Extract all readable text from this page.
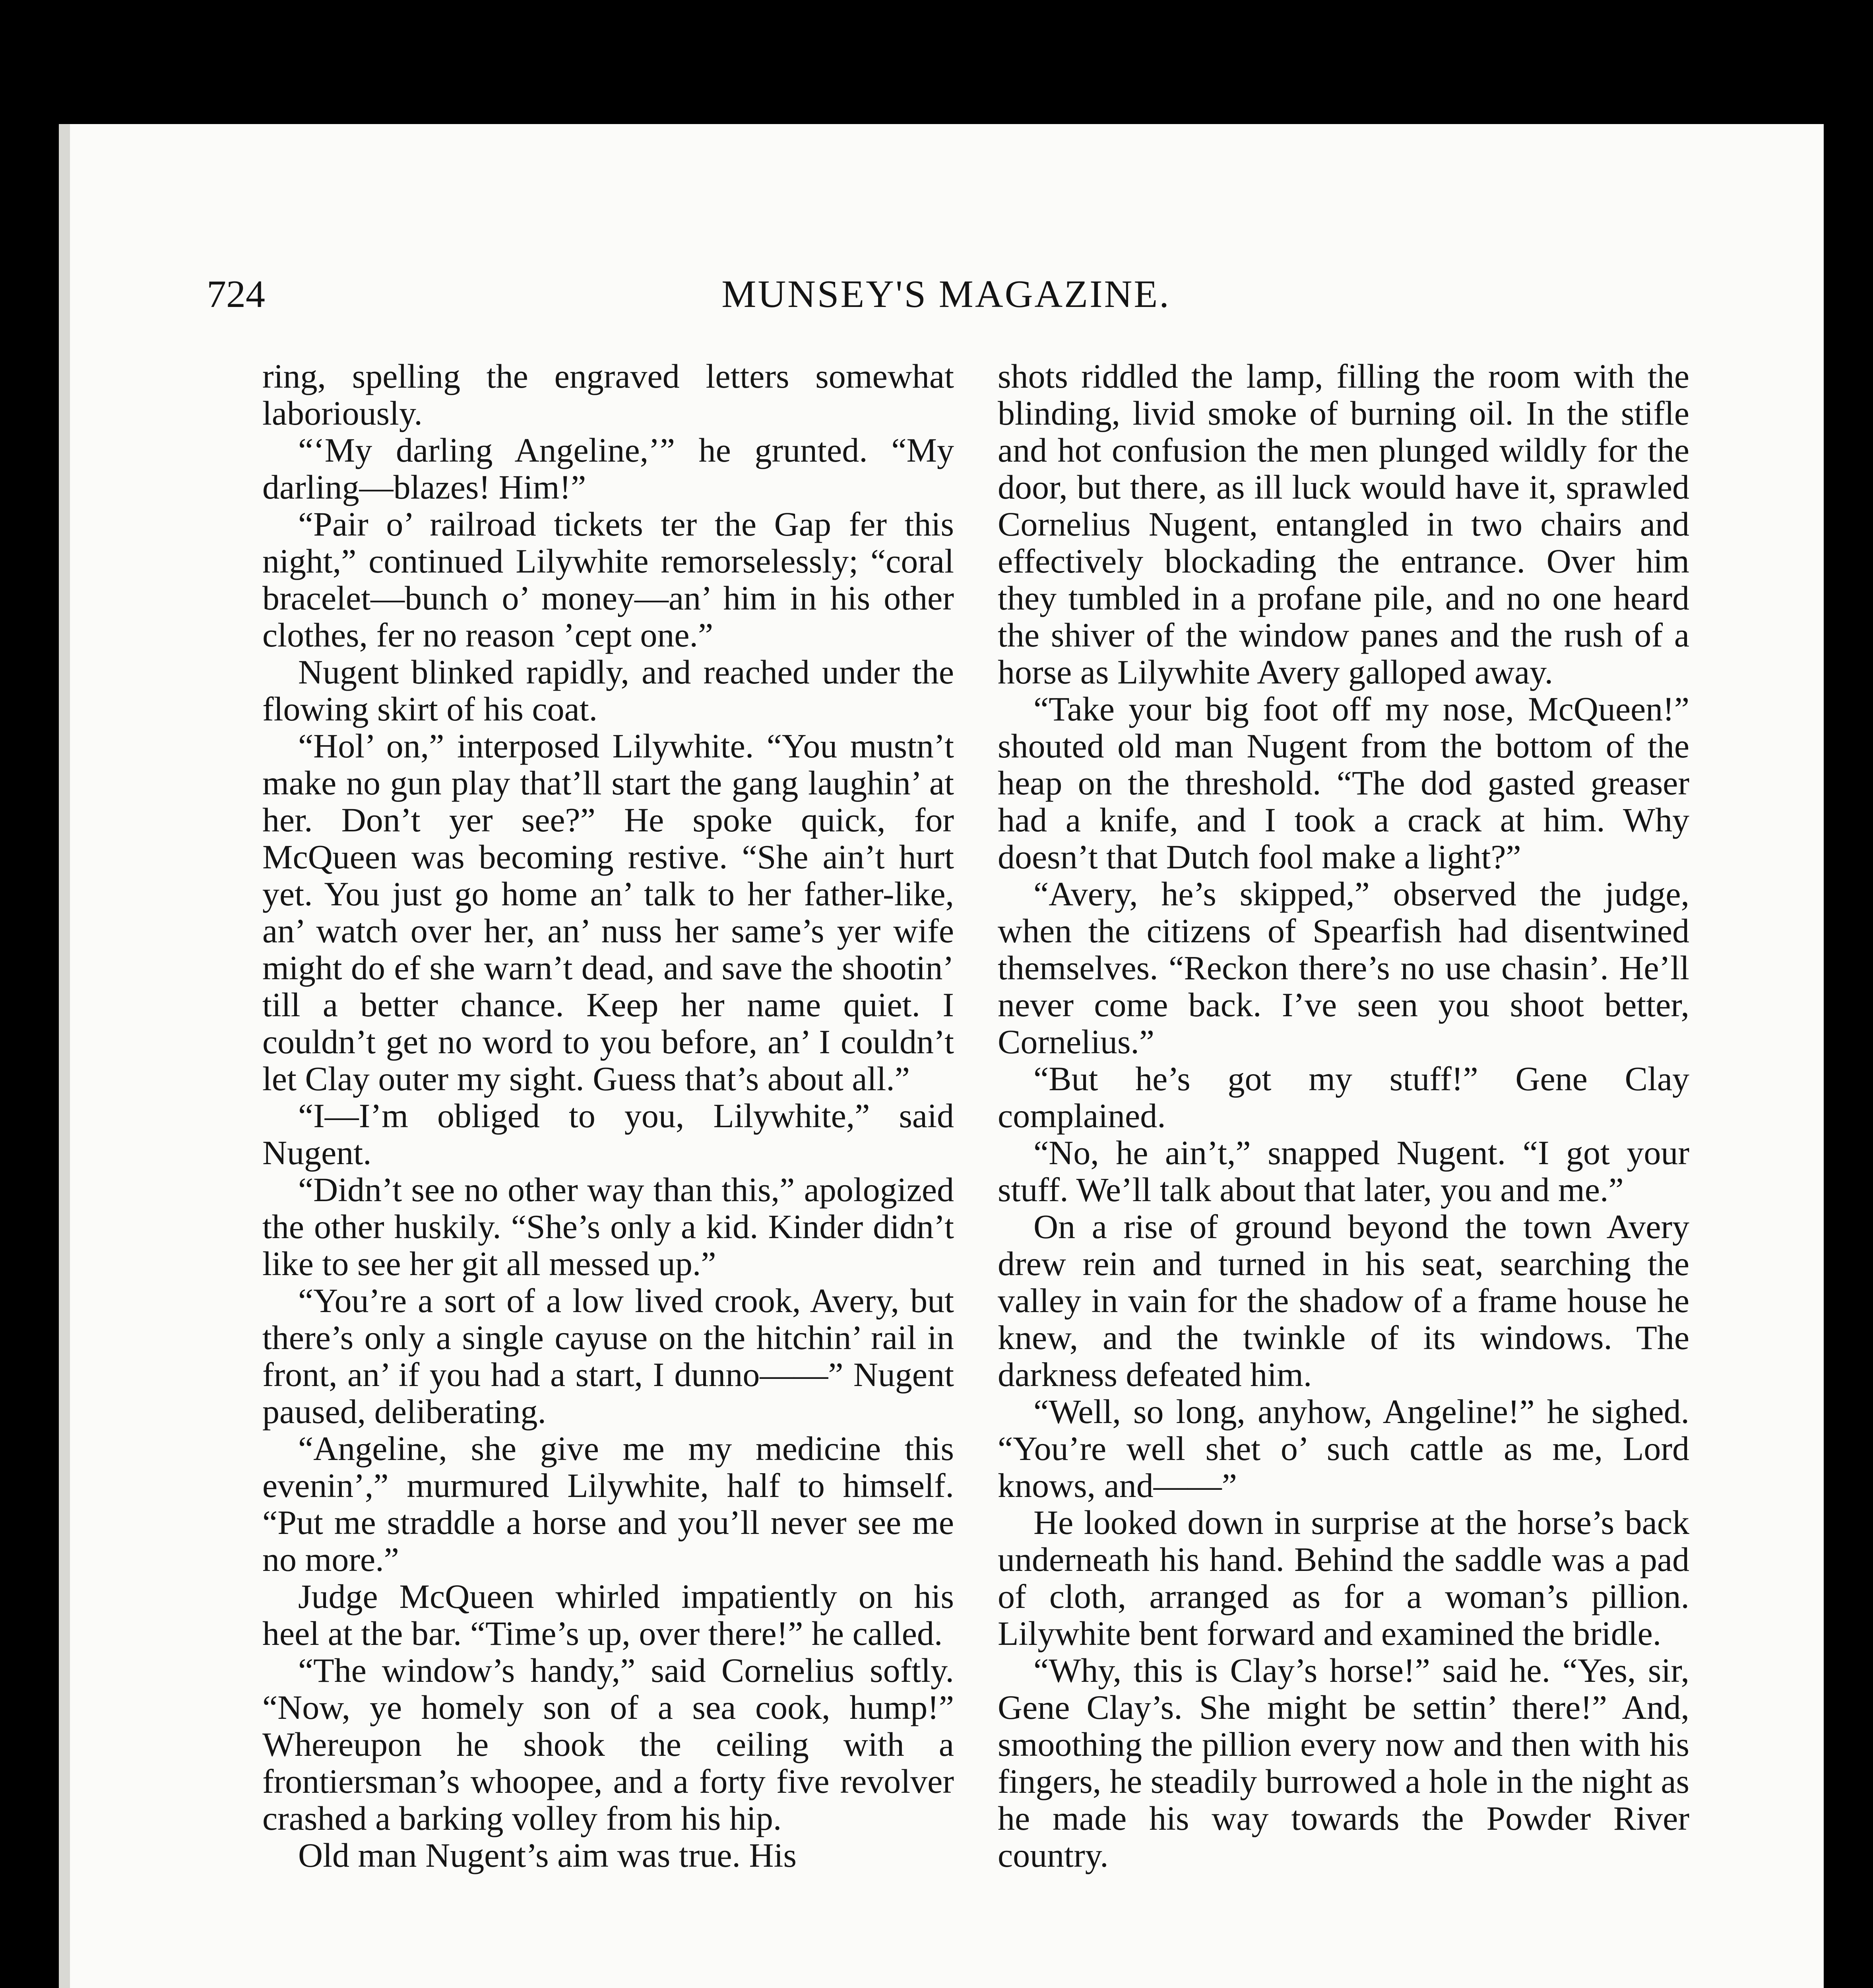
724	MUNSEY'S MAGAZINE.

ring, spelling the engraved letters somewhat laboriously.

“‘My darling Angeline,’” he grunted. “My darling—blazes! Him!”

“Pair o’ railroad tickets ter the Gap fer this night,” continued Lilywhite remorselessly; “coral bracelet—bunch o’ money—an’ him in his other clothes, fer no reason ’cept one.”

Nugent blinked rapidly, and reached under the flowing skirt of his coat.

“Hol’ on,” interposed Lilywhite. “You mustn’t make no gun play that’ll start the gang laughin’ at her. Don’t yer see?” He spoke quick, for McQueen was becoming restive. “She ain’t hurt yet. You just go home an’ talk to her father-like, an’ watch over her, an’ nuss her same’s yer wife might do ef she warn’t dead, and save the shootin’ till a better chance. Keep her name quiet. I couldn’t get no word to you before, an’ I couldn’t let Clay outer my sight. Guess that’s about all.”

“I—I’m obliged to you, Lilywhite,” said Nugent.

“Didn’t see no other way than this,” apologized the other huskily. “She’s only a kid. Kinder didn’t like to see her git all messed up.”

“You’re a sort of a low lived crook, Avery, but there’s only a single cayuse on the hitchin’ rail in front, an’ if you had a start, I dunno——” Nugent paused, deliberating.

“Angeline, she give me my medicine this evenin’,” murmured Lilywhite, half to himself. “Put me straddle a horse and you’ll never see me no more.”

Judge McQueen whirled impatiently on his heel at the bar. “Time’s up, over there!” he called.

“The window’s handy,” said Cornelius softly. “Now, ye homely son of a sea cook, hump!” Whereupon he shook the ceiling with a frontiersman’s whoopee, and a forty five revolver crashed a barking volley from his hip.

Old man Nugent’s aim was true. His

shots riddled the lamp, filling the room with the blinding, livid smoke of burning oil. In the stifle and hot confusion the men plunged wildly for the door, but there, as ill luck would have it, sprawled Cornelius Nugent, entangled in two chairs and effectively blockading the entrance. Over him they tumbled in a profane pile, and no one heard the shiver of the window panes and the rush of a horse as Lilywhite Avery galloped away.

“Take your big foot off my nose, McQueen!” shouted old man Nugent from the bottom of the heap on the threshold. “The dod gasted greaser had a knife, and I took a crack at him. Why doesn’t that Dutch fool make a light?”

“Avery, he’s skipped,” observed the judge, when the citizens of Spearfish had disentwined themselves. “Reckon there’s no use chasin’. He’ll never come back. I’ve seen you shoot better, Cornelius.”

“But he’s got my stuff!” Gene Clay complained.

“No, he ain’t,” snapped Nugent. “I got your stuff. We’ll talk about that later, you and me.”

On a rise of ground beyond the town Avery drew rein and turned in his seat, searching the valley in vain for the shadow of a frame house he knew, and the twinkle of its windows. The darkness defeated him.

“Well, so long, anyhow, Angeline!” he sighed. “You’re well shet o’ such cattle as me, Lord knows, and——”

He looked down in surprise at the horse’s back underneath his hand. Behind the saddle was a pad of cloth, arranged as for a woman’s pillion. Lilywhite bent forward and examined the bridle.

“Why, this is Clay’s horse!” said he. “Yes, sir, Gene Clay’s. She might be settin’ there!” And, smoothing the pillion every now and then with his fingers, he steadily burrowed a hole in the night as he made his way towards the Powder River country.
